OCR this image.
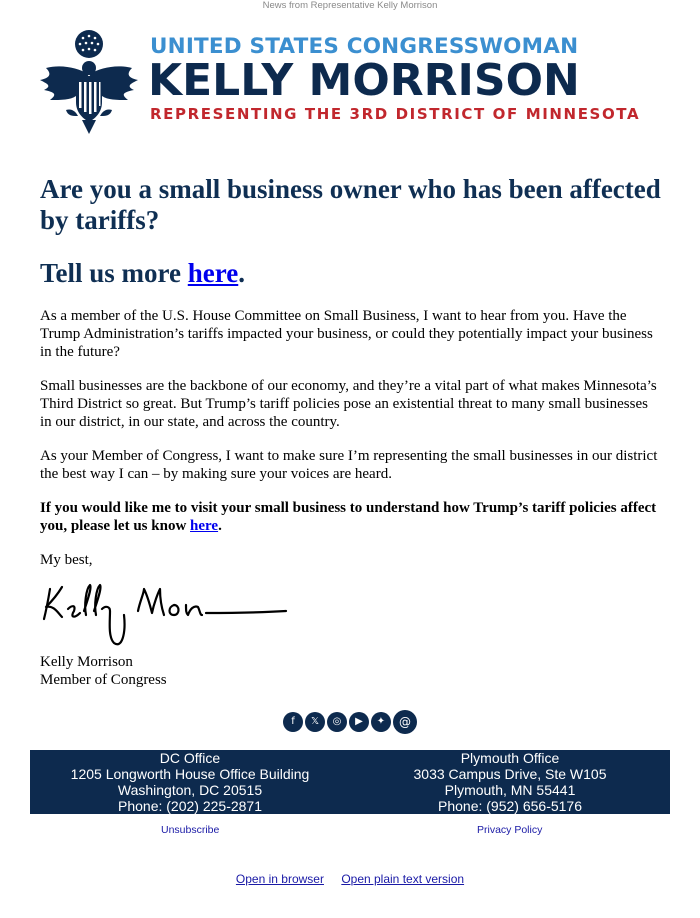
News from Representative Kelly Morrison
UNITED STATES CONGRESSWOMAN
KELLY MORRISON
REPRESENTING THE 3RD DISTRICT OF MINNESOTA
Are you a small business owner who has been affected by tariffs?
Tell us more here.

As a member of the U.S. House Committee on Small Business, I want to hear from you. Have the Trump Administration’s tariffs impacted your business, or could they potentially impact your business in the future?

Small businesses are the backbone of our economy, and they’re a vital part of what makes Minnesota’s Third District so great. But Trump’s tariff policies pose an existential threat to many small businesses in our district, in our state, and across the country.

As your Member of Congress, I want to make sure I’m representing the small businesses in our district the best way I can – by making sure your voices are heard.

If you would like me to visit your small business to understand how Trump’s tariff policies affect you, please let us know here.

My best,

Kelly Morrison

Member of Congress

f 𝕏 ◎ ▶ ✦ @
DC Office
1205 Longworth House Office Building
Washington, DC 20515
Phone: (202) 225-2871
Plymouth Office
3033 Campus Drive, Ste W105
Plymouth, MN 55441
Phone: (952) 656-5176
Unsubscribe	Privacy Policy
Open in browser Open plain text version
